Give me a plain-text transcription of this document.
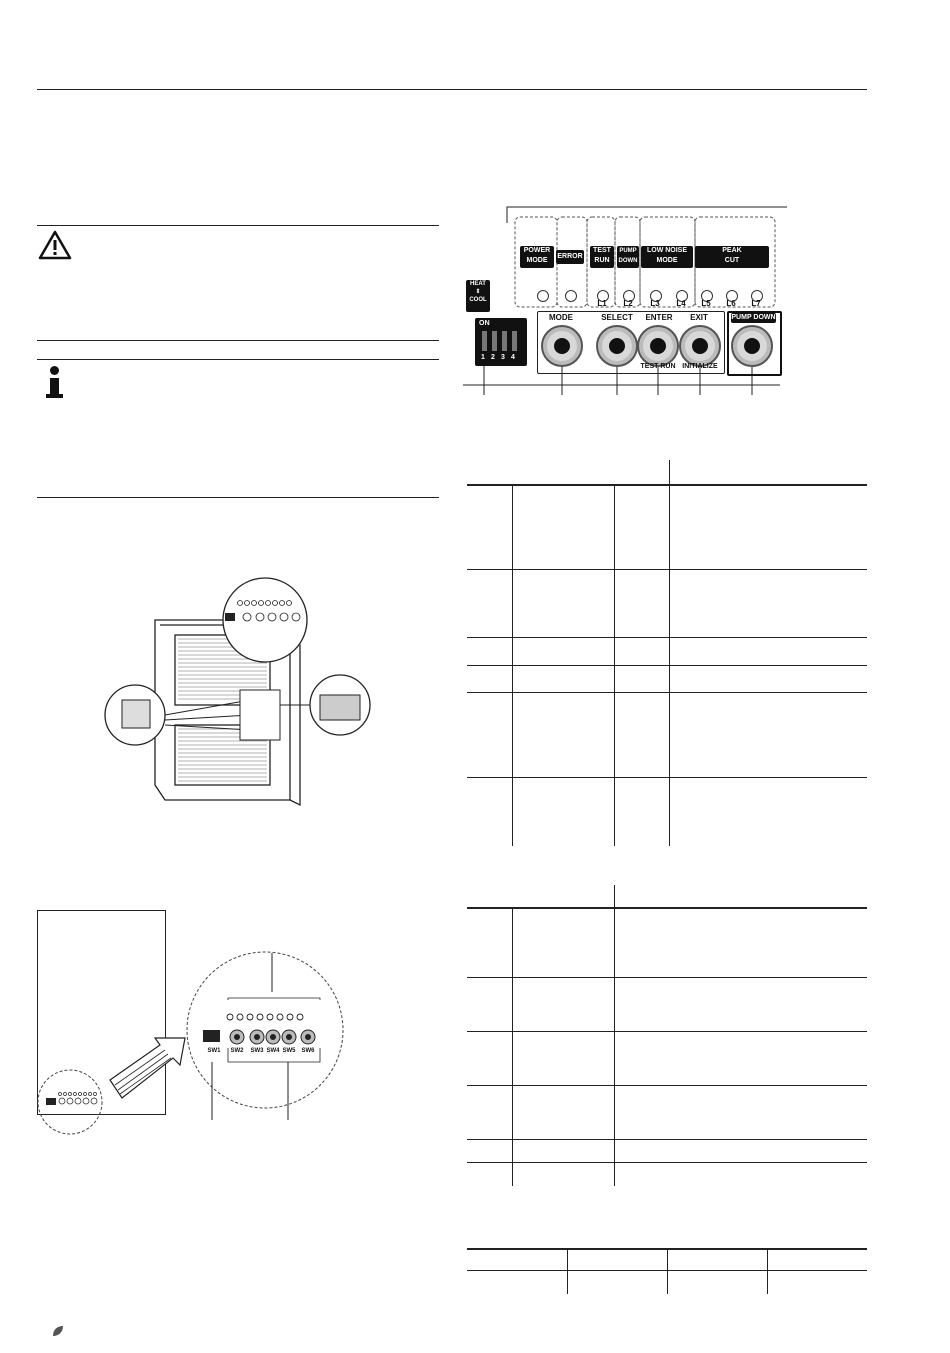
SW1	SW2	SW3 SW4 SW5 SW6
HEAT
⇕
COOL
ON
1 2 3 4
POWER
MODE
ERROR
TEST
RUN
PUMP
DOWN
LOW NOISE
MODE
PEAK
CUT
L1	L2	L3	L4	L5	L6	L7
MODE	SELECT	ENTER	EXIT	PUMP DOWN
TEST RUN INITIALIZE
